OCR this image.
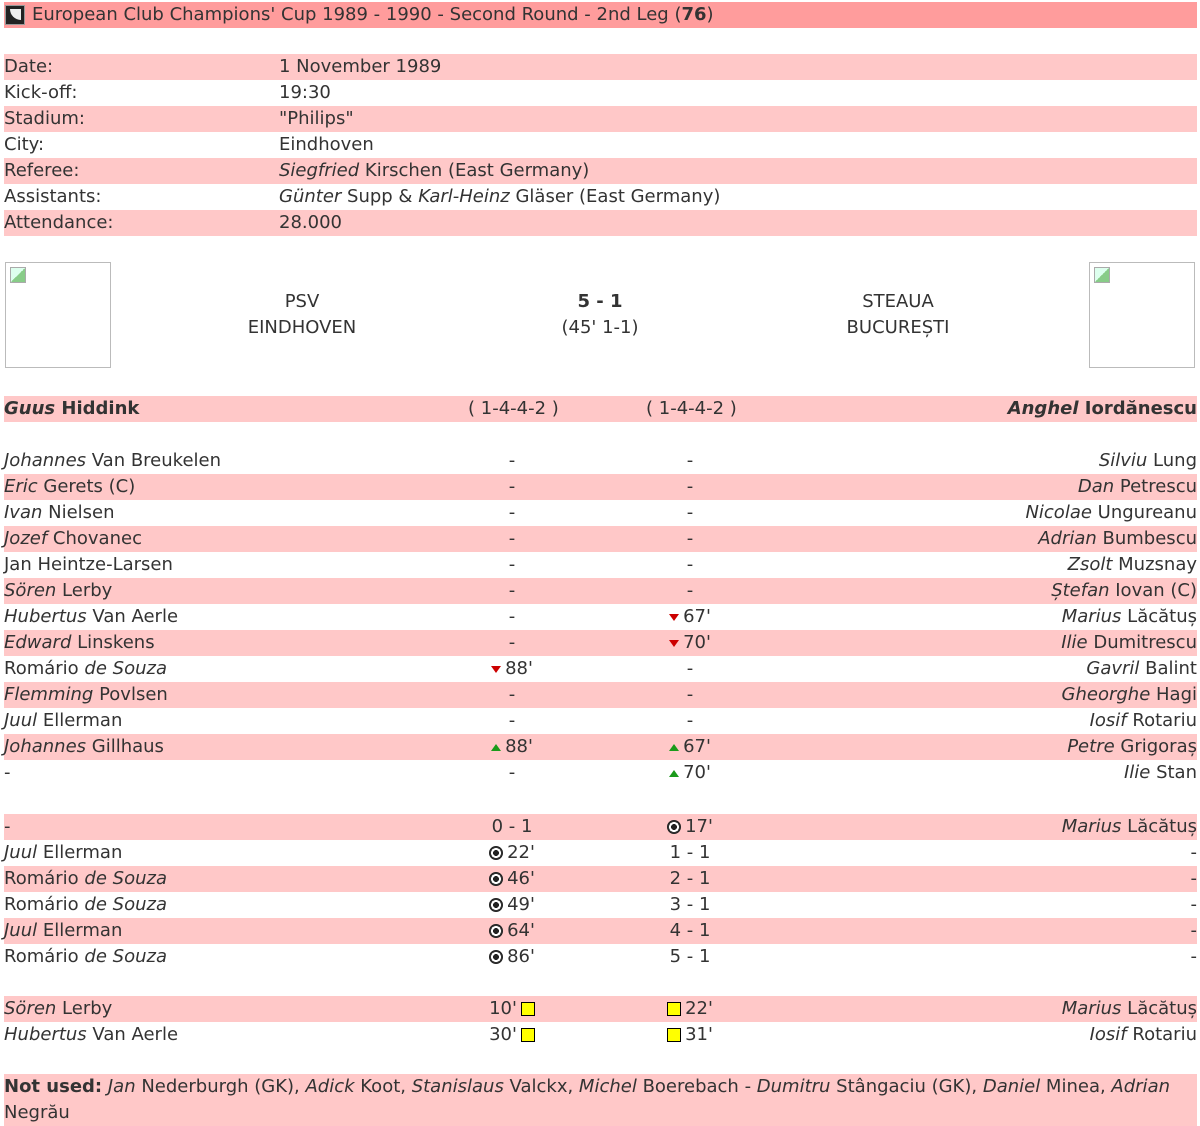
European Club Champions' Cup 1989 - 1990 - Second Round - 2nd Leg (76)
Date:	1 November 1989
Kick-off:	19:30
Stadium:	"Philips"
City:	Eindhoven
Referee:	Siegfried Kirschen (East Germany)
Assistants:	Günter Supp & Karl-Heinz Gläser (East Germany)
Attendance:	28.000
PSV
EINDHOVEN
5 - 1
(45' 1-1)
STEAUA
BUCUREȘTI
Guus Hiddink	( 1-4-4-2 )	( 1-4-4-2 )	Anghel Iordănescu
Johannes Van Breukelen	-	-	Silviu Lung
Eric Gerets (C)	-	-	Dan Petrescu
Ivan Nielsen	-	-	Nicolae Ungureanu
Jozef Chovanec	-	-	Adrian Bumbescu
Jan Heintze-Larsen	-	-	Zsolt Muzsnay
Sören Lerby	-	-	Ștefan Iovan (C)
Hubertus Van Aerle	-	67'	Marius Lăcătuș
Edward Linskens	-	70'	Ilie Dumitrescu
Romário de Souza	88'	-	Gavril Balint
Flemming Povlsen	-	-	Gheorghe Hagi
Juul Ellerman	-	-	Iosif Rotariu
Johannes Gillhaus	88'	67'	Petre Grigoraș
-	-	70'	Ilie Stan
-	0 - 1	17'	Marius Lăcătuș
Juul Ellerman	22'	1 - 1	-
Romário de Souza	46'	2 - 1	-
Romário de Souza	49'	3 - 1	-
Juul Ellerman	64'	4 - 1	-
Romário de Souza	86'	5 - 1	-
Sören Lerby	10'	22'	Marius Lăcătuș
Hubertus Van Aerle	30'	31'	Iosif Rotariu
Not used: Jan Nederburgh (GK), Adick Koot, Stanislaus Valckx, Michel Boerebach - Dumitru Stângaciu (GK), Daniel Minea, Adrian
Negrău
